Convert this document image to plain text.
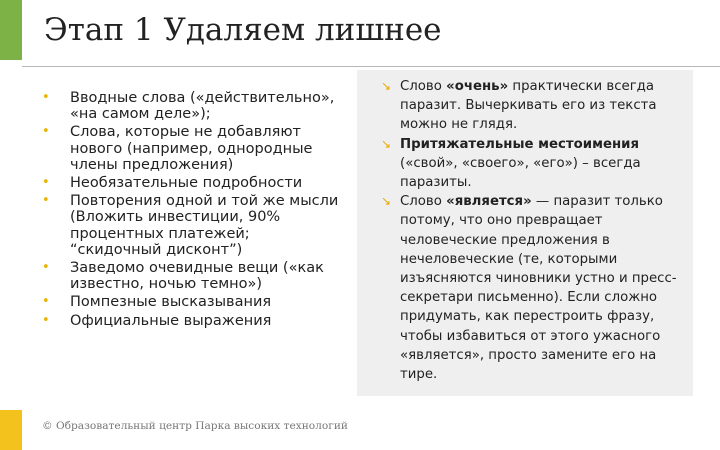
Этап 1 Удаляем лишнее
• Вводные слова («действительно», «на самом деле»);
• Слова, которые не добавляют нового (например, однородные члены предложения)
• Необязательные подробности
• Повторения одной и той же мысли (Вложить инвестиции, 90% процентных платежей; “скидочный дисконт”)
• Заведомо очевидные вещи («как известно, ночью темно»)
• Помпезные высказывания
• Официальные выражения
↘ Слово «очень» практически всегда паразит. Вычеркивать его из текста можно не глядя.
↘ Притяжательные местоимения («свой», «своего», «его») – всегда паразиты.
↘ Слово «является» — паразит только потому, что оно превращает человеческие предложения в нечеловеческие (те, которыми изъясняются чиновники устно и пресс-секретари письменно). Если сложно придумать, как перестроить фразу, чтобы избавиться от этого ужасного «является», просто замените его на тире.
© Образовательный центр Парка высоких технологий
